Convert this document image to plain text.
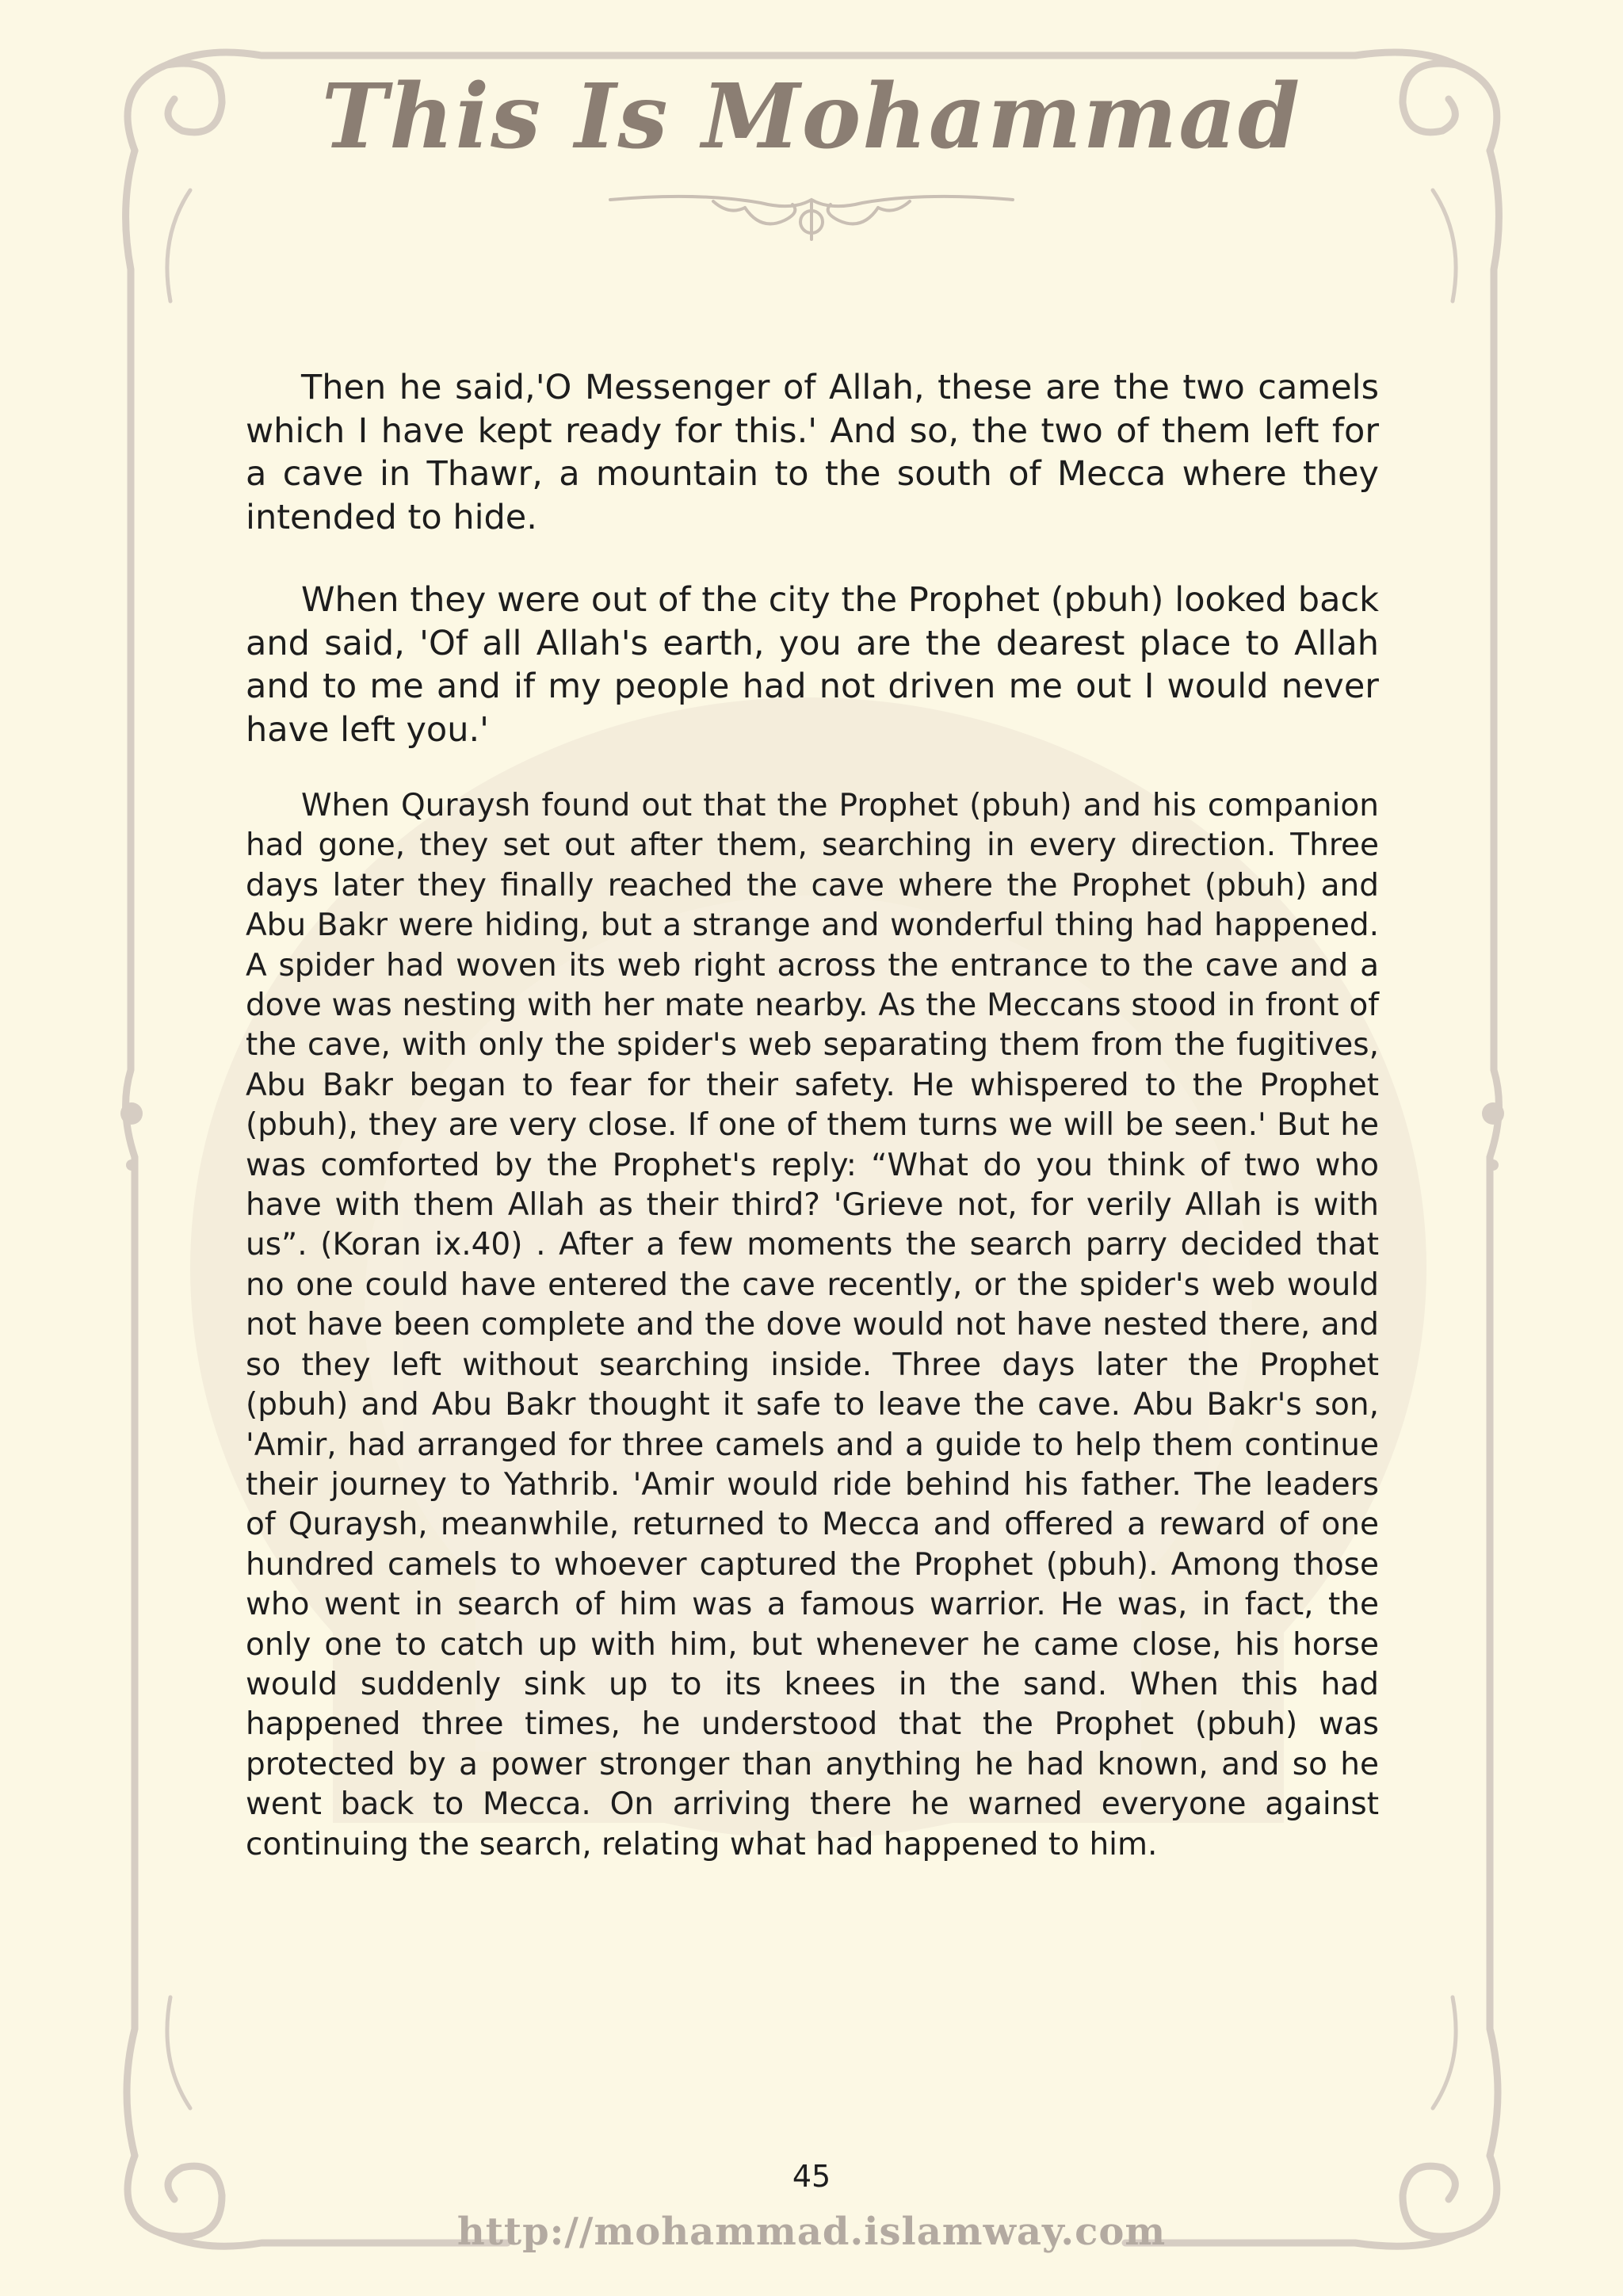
This Is Mohammad

Then he said,'O Messenger of Allah, these are the two camels which I have kept ready for this.' And so, the two of them left for a cave in Thawr, a mountain to the south of Mecca where they intended to hide.

When they were out of the city the Prophet (pbuh) looked back and said, 'Of all Allah's earth, you are the dearest place to Allah and to me and if my people had not driven me out I would never have left you.'

When Quraysh found out that the Prophet (pbuh) and his companion had gone, they set out after them, searching in every direction. Three days later they finally reached the cave where the Prophet (pbuh) and Abu Bakr were hiding, but a strange and wonderful thing had happened. A spider had woven its web right across the entrance to the cave and a dove was nesting with her mate nearby. As the Meccans stood in front of the cave, with only the spider's web separating them from the fugitives, Abu Bakr began to fear for their safety. He whispered to the Prophet (pbuh), they are very close. If one of them turns we will be seen.' But he was comforted by the Prophet's reply: “What do you think of two who have with them Allah as their third? 'Grieve not, for verily Allah is with us”. (Koran ix.40) . After a few moments the search parry decided that no one could have entered the cave recently, or the spider's web would not have been complete and the dove would not have nested there, and so they left without searching inside. Three days later the Prophet (pbuh) and Abu Bakr thought it safe to leave the cave. Abu Bakr's son, 'Amir, had arranged for three camels and a guide to help them continue their journey to Yathrib. 'Amir would ride behind his father. The leaders of Quraysh, meanwhile, returned to Mecca and offered a reward of one hundred camels to whoever captured the Prophet (pbuh). Among those who went in search of him was a famous warrior. He was, in fact, the only one to catch up with him, but whenever he came close, his horse would suddenly sink up to its knees in the sand. When this had happened three times, he understood that the Prophet (pbuh) was protected by a power stronger than anything he had known, and so he went back to Mecca. On arriving there he warned everyone against continuing the search, relating what had happened to him.

45
http://mohammad.islamway.com
